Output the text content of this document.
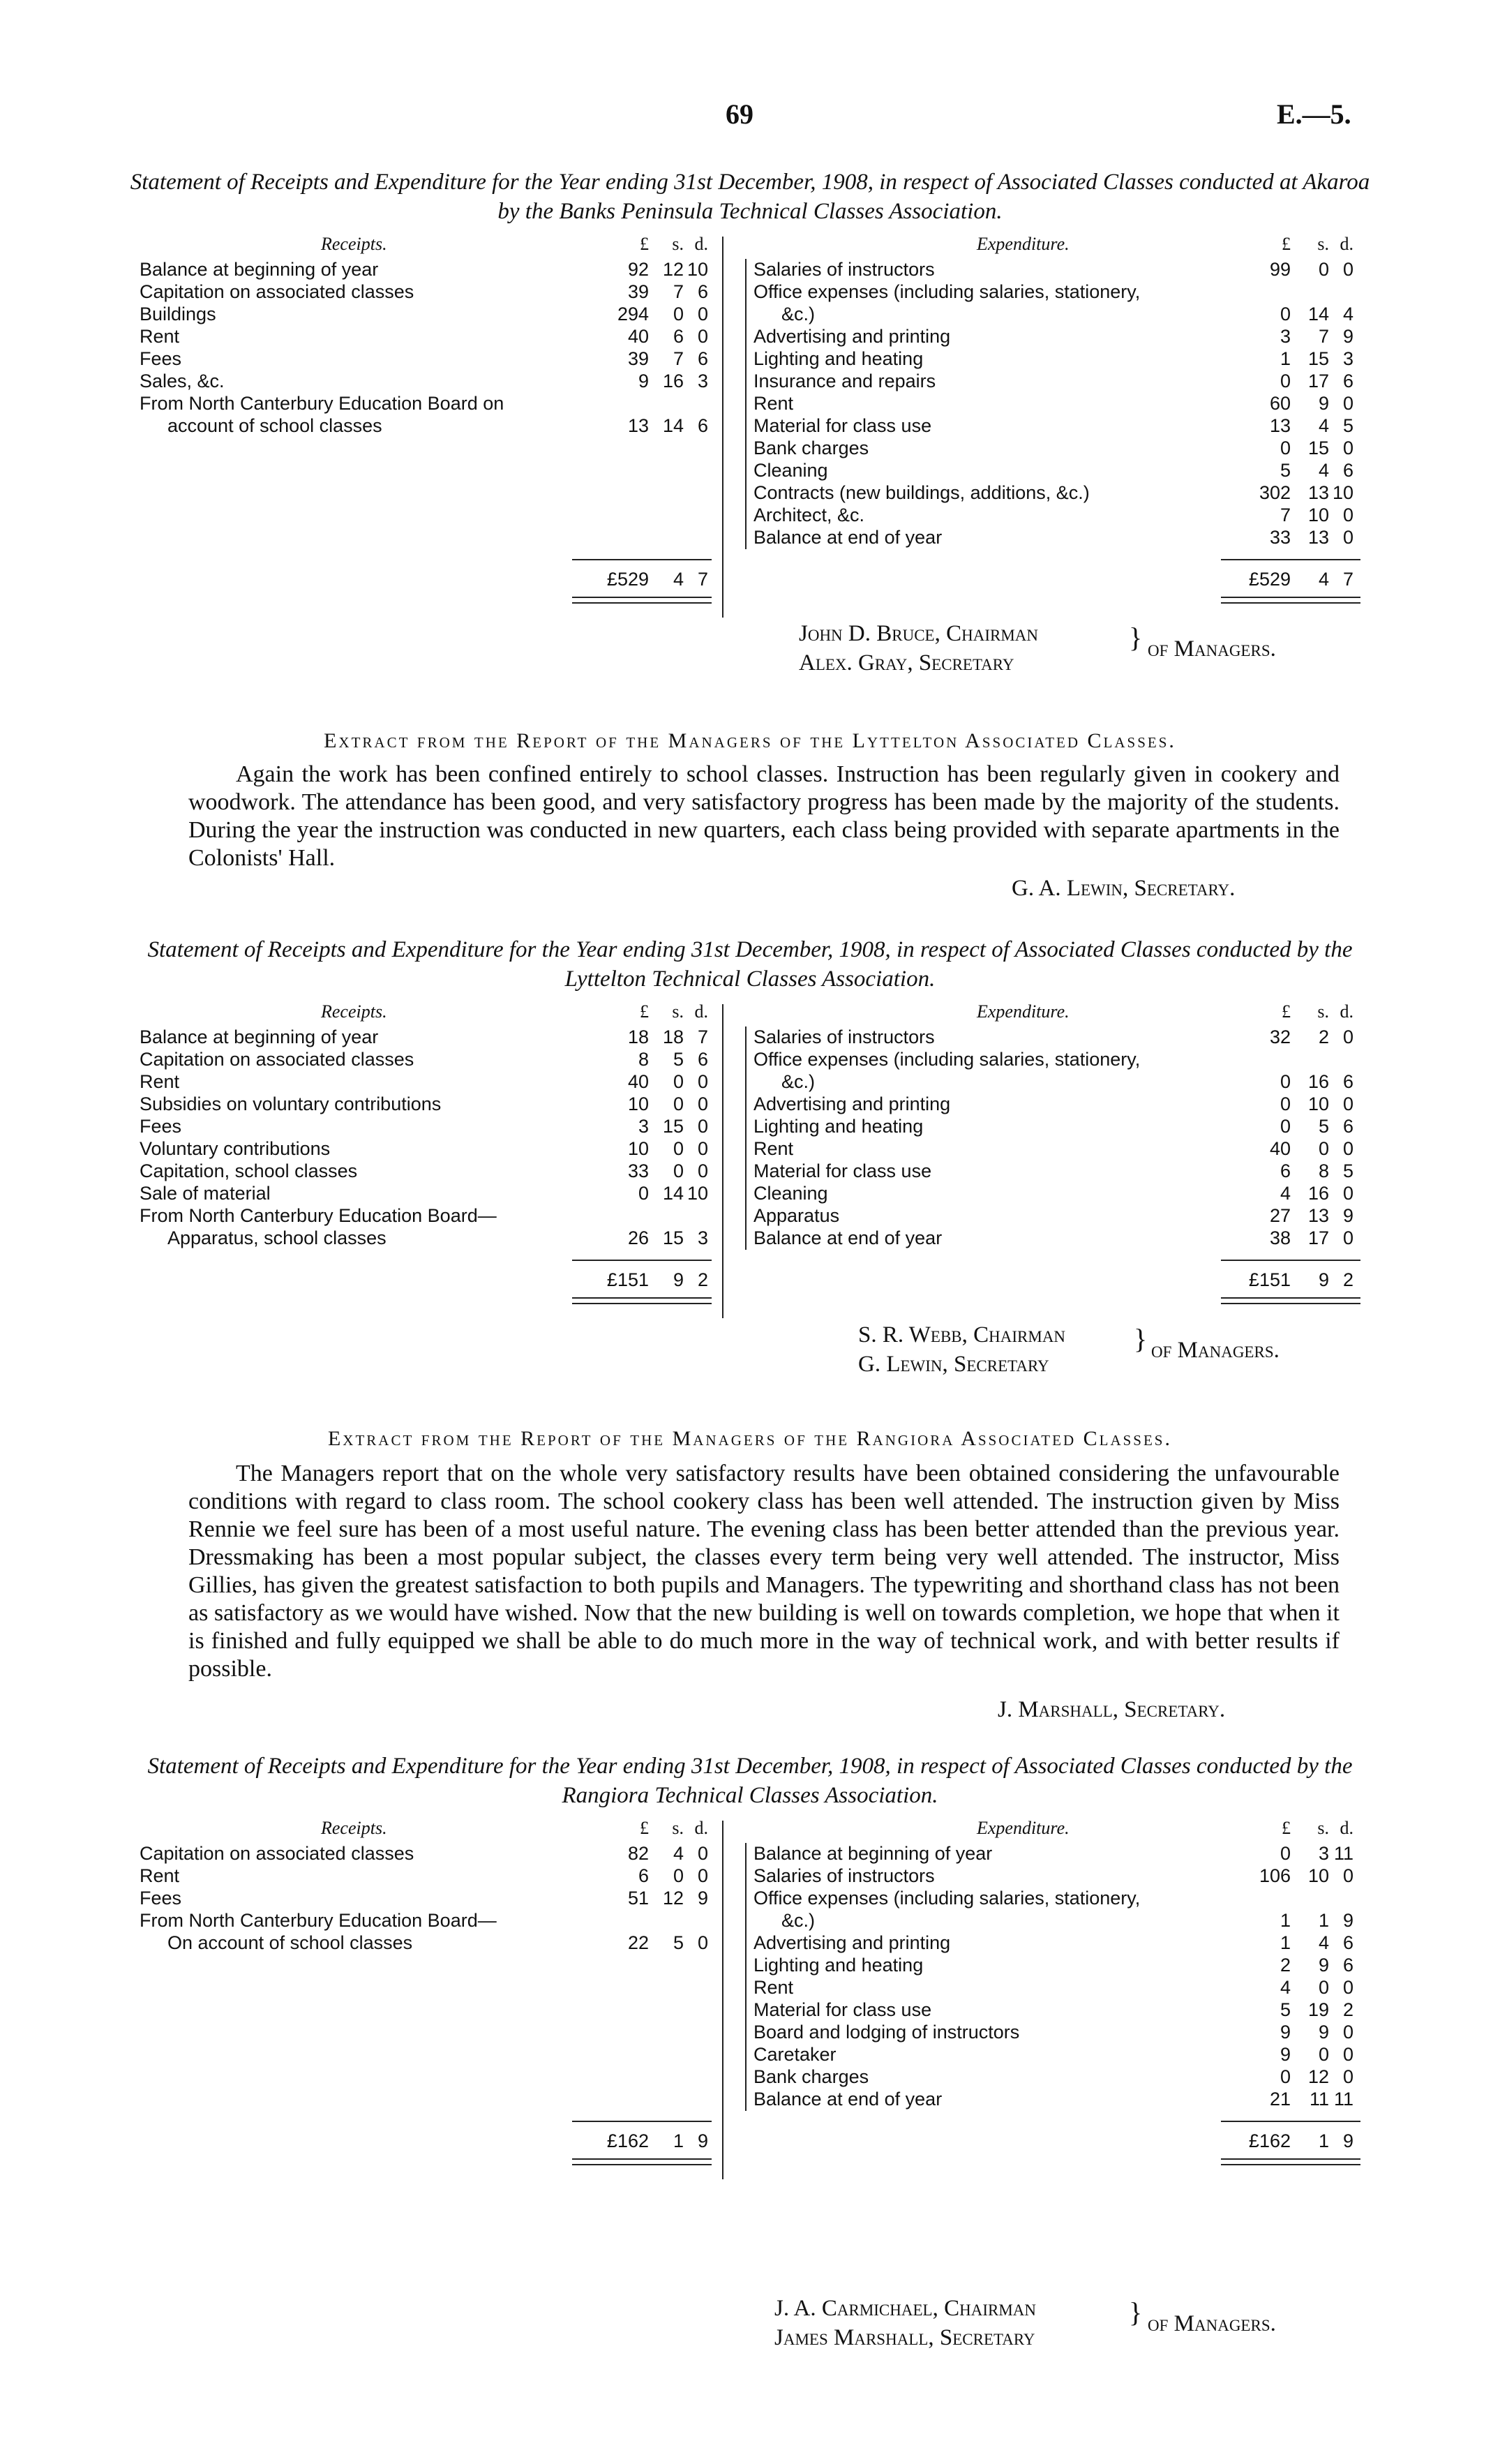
69	E.—5.
Statement of Receipts and Expenditure for the Year ending 31st December, 1908, in respect of Associated Classes conducted at Akaroa by the Banks Peninsula Technical Classes Association.
Receipts.	Expenditure.
£	s. d.	£	s. d.
Balance at beginning of year	92 12 10
Capitation on associated classes	39	7 6
Buildings	294	0 0
Rent	40	6 0
Fees	39	7 6
Sales, &c.	9 16 3
From North Canterbury Education Board on
account of school classes	13 14 6
Salaries of instructors	99	0 0
Office expenses (including salaries, stationery,
&c.)	0 14 4
Advertising and printing	3	7 9
Lighting and heating	1 15 3
Insurance and repairs	0 17 6
Rent	60	9 0
Material for class use	13	4 5
Bank charges	0 15 0
Cleaning	5	4 6
Contracts (new buildings, additions, &c.)	302 13 10
Architect, &c.	7 10 0
Balance at end of year	33 13 0
£529	4 7	£529	4 7
John D. Bruce, Chairman
Alex. Gray, Secretary
} of Managers.
Extract from the Report of the Managers of the Lyttelton Associated Classes.
Again the work has been confined entirely to school classes. Instruction has been regularly given in cookery and woodwork. The attendance has been good, and very satisfactory progress has been made by the majority of the students. During the year the instruction was conducted in new quarters, each class being provided with separate apartments in the Colonists' Hall.
G. A. Lewin, Secretary.
Statement of Receipts and Expenditure for the Year ending 31st December, 1908, in respect of Associated Classes conducted by the Lyttelton Technical Classes Association.
Receipts.	Expenditure.
£	s. d.	£	s. d.
Balance at beginning of year	18 18 7
Capitation on associated classes	8	5 6
Rent	40	0 0
Subsidies on voluntary contributions	10	0 0
Fees	3 15 0
Voluntary contributions	10	0 0
Capitation, school classes	33	0 0
Sale of material	0 14 10
From North Canterbury Education Board—
Apparatus, school classes	26 15 3
Salaries of instructors	32	2 0
Office expenses (including salaries, stationery,
&c.)	0 16 6
Advertising and printing	0 10 0
Lighting and heating	0	5 6
Rent	40	0 0
Material for class use	6	8 5
Cleaning	4 16 0
Apparatus	27 13 9
Balance at end of year	38 17 0
£151	9 2	£151	9 2
S. R. Webb, Chairman
G. Lewin, Secretary
} of Managers.
Extract from the Report of the Managers of the Rangiora Associated Classes.
The Managers report that on the whole very satisfactory results have been obtained considering the unfavourable conditions with regard to class room. The school cookery class has been well attended. The instruction given by Miss Rennie we feel sure has been of a most useful nature. The evening class has been better attended than the previous year. Dressmaking has been a most popular subject, the classes every term being very well attended. The instructor, Miss Gillies, has given the greatest satisfaction to both pupils and Managers. The typewriting and shorthand class has not been as satisfactory as we would have wished. Now that the new building is well on towards completion, we hope that when it is finished and fully equipped we shall be able to do much more in the way of technical work, and with better results if possible.
J. Marshall, Secretary.
Statement of Receipts and Expenditure for the Year ending 31st December, 1908, in respect of Associated Classes conducted by the Rangiora Technical Classes Association.
Receipts.	Expenditure.
£	s. d.	£	s. d.
Capitation on associated classes	82	4 0
Rent	6	0 0
Fees	51 12 9
From North Canterbury Education Board—
On account of school classes	22	5 0
Balance at beginning of year	0	3 11
Salaries of instructors	106 10 0
Office expenses (including salaries, stationery,
&c.)	1	1 9
Advertising and printing	1	4 6
Lighting and heating	2	9 6
Rent	4	0 0
Material for class use	5 19 2
Board and lodging of instructors	9	9 0
Caretaker	9	0 0
Bank charges	0 12 0
Balance at end of year	21 11 11
£162	1 9	£162	1 9
J. A. Carmichael, Chairman
James Marshall, Secretary
} of Managers.
